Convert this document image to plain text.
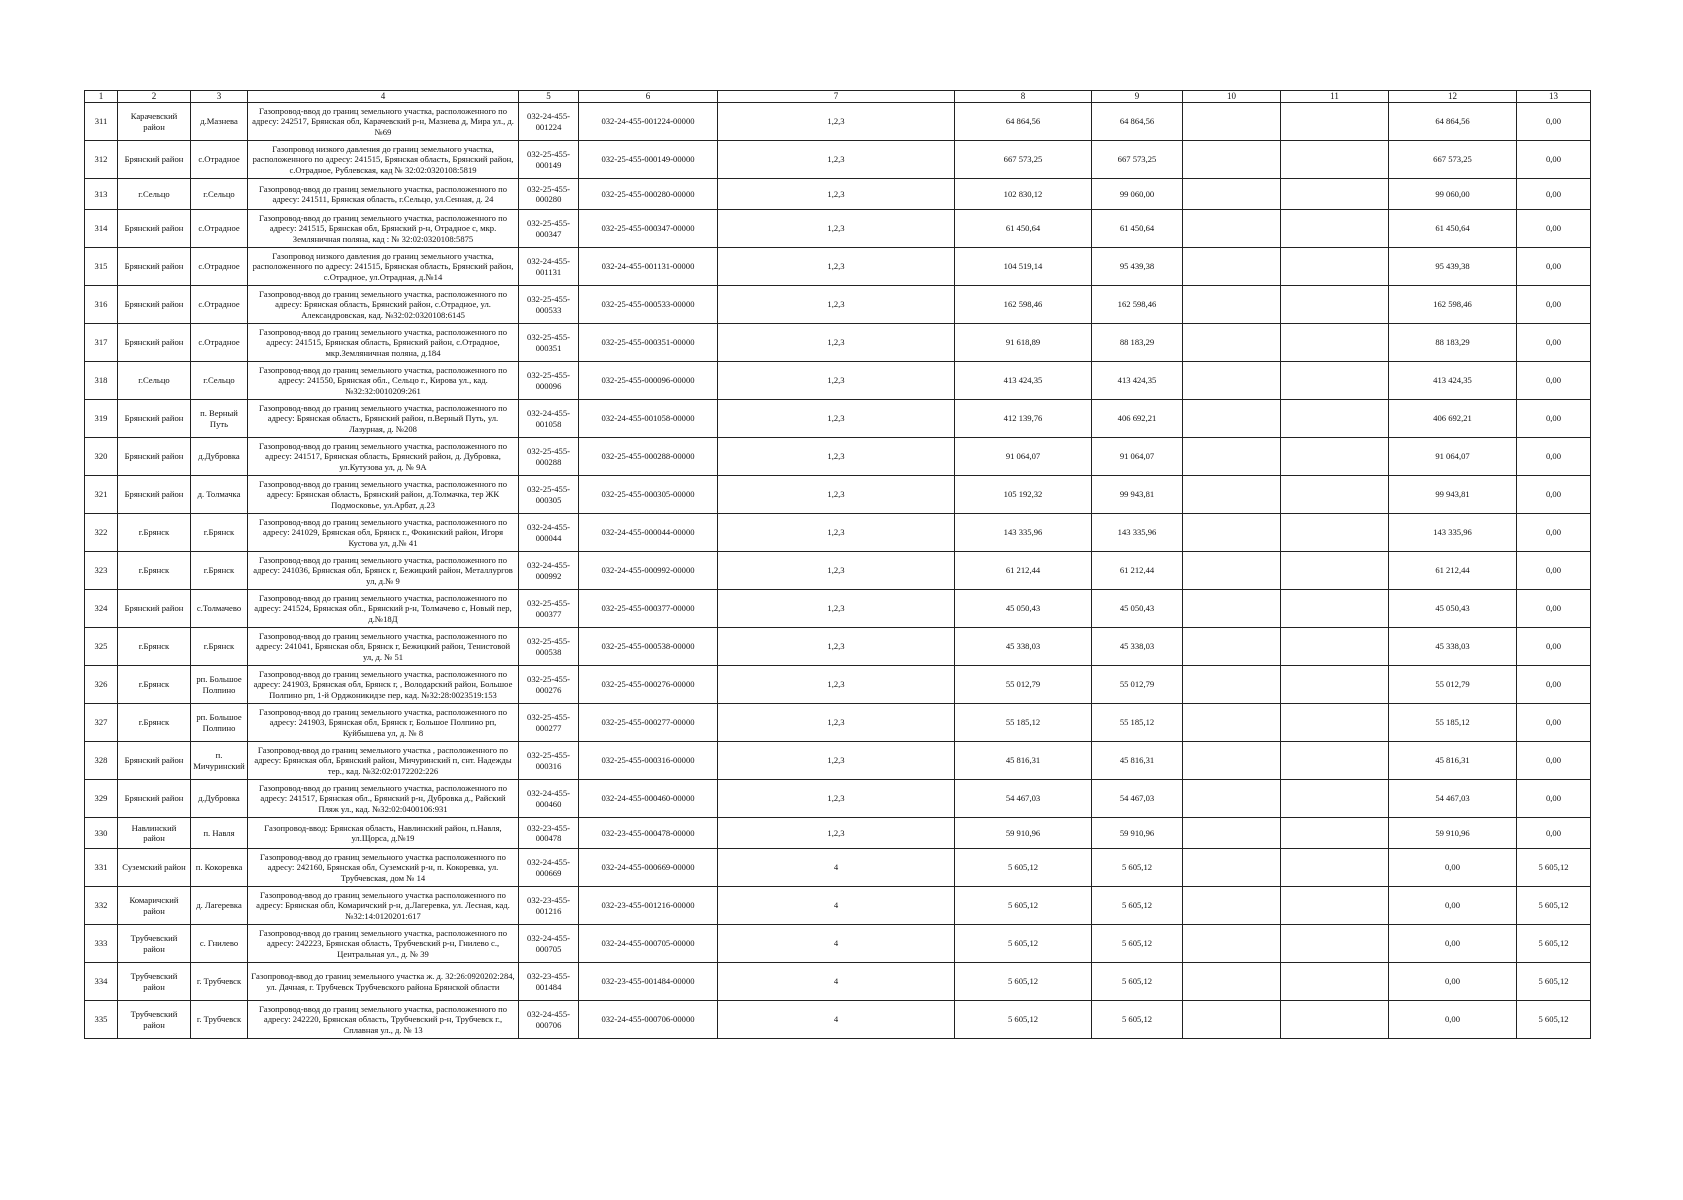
1	2	3	4	5	6	7	8	9	10	11	12	13
311	Карачевский район	д.Мазнева	Газопровод-ввод до границ земельного участка, расположенного по адресу: 242517, Брянская обл, Карачевский р-н, Мазнева д, Мира ул., д.№69	032-24-455-001224	032-24-455-001224-00000	1,2,3	64 864,56	64 864,56			64 864,56	0,00
312	Брянский район	с.Отрадное	Газопровод низкого давления до границ земельного участка, расположенного по адресу: 241515, Брянская область, Брянский район, с.Отрадное, Рублевская, кад № 32:02:0320108:5819	032-25-455-000149	032-25-455-000149-00000	1,2,3	667 573,25	667 573,25			667 573,25	0,00
313	г.Сельцо	г.Сельцо	Газопровод-ввод до границ земельного участка, расположенного по адресу: 241511, Брянская область, г.Сельцо, ул.Сенная, д. 24	032-25-455-000280	032-25-455-000280-00000	1,2,3	102 830,12	99 060,00			99 060,00	0,00
314	Брянский район	с.Отрадное	Газопровод-ввод до границ земельного участка, расположенного по адресу: 241515, Брянская обл, Брянский р-н, Отрадное с, мкр. Земляничная поляна, кад : № 32:02:0320108:5875	032-25-455-000347	032-25-455-000347-00000	1,2,3	61 450,64	61 450,64			61 450,64	0,00
315	Брянский район	с.Отрадное	Газопровод низкого давления до границ земельного участка, расположенного по адресу: 241515, Брянская область, Брянский район, с.Отрадное, ул.Отрадная, д.№14	032-24-455-001131	032-24-455-001131-00000	1,2,3	104 519,14	95 439,38			95 439,38	0,00
316	Брянский район	с.Отрадное	Газопровод-ввод до границ земельного участка, расположенного по адресу: Брянская область, Брянский район, с.Отрадное, ул. Александровская, кад. №32:02:0320108:6145	032-25-455-000533	032-25-455-000533-00000	1,2,3	162 598,46	162 598,46			162 598,46	0,00
317	Брянский район	с.Отрадное	Газопровод-ввод до границ земельного участка, расположенного по адресу: 241515, Брянская область, Брянский район, с.Отрадное, мкр.Земляничная поляна, д.184	032-25-455-000351	032-25-455-000351-00000	1,2,3	91 618,89	88 183,29			88 183,29	0,00
318	г.Сельцо	г.Сельцо	Газопровод-ввод до границ земельного участка, расположенного по адресу: 241550, Брянская обл., Сельцо г., Кирова ул., кад. №32:32:0010209:261	032-25-455-000096	032-25-455-000096-00000	1,2,3	413 424,35	413 424,35			413 424,35	0,00
319	Брянский район	п. Верный Путь	Газопровод-ввод до границ земельного участка, расположенного по адресу: Брянская область, Брянский район, п.Верный Путь, ул. Лазурная, д. №208	032-24-455-001058	032-24-455-001058-00000	1,2,3	412 139,76	406 692,21			406 692,21	0,00
320	Брянский район	д.Дубровка	Газопровод-ввод до границ земельного участка, расположенного по адресу: 241517, Брянская область, Брянский район, д. Дубровка, ул.Кутузова ул, д. № 9А	032-25-455-000288	032-25-455-000288-00000	1,2,3	91 064,07	91 064,07			91 064,07	0,00
321	Брянский район	д. Толмачка	Газопровод-ввод до границ земельного участка, расположенного по адресу: Брянская область, Брянский район, д.Толмачка, тер ЖК Подмосковье, ул.Арбат, д.23	032-25-455-000305	032-25-455-000305-00000	1,2,3	105 192,32	99 943,81			99 943,81	0,00
322	г.Брянск	г.Брянск	Газопровод-ввод до границ земельного участка, расположенного по адресу: 241029, Брянская обл, Брянск г., Фокинский район, Игоря Кустова ул, д.№ 41	032-24-455-000044	032-24-455-000044-00000	1,2,3	143 335,96	143 335,96			143 335,96	0,00
323	г.Брянск	г.Брянск	Газопровод-ввод до границ земельного участка, расположенного по адресу: 241036, Брянская обл, Брянск г, Бежицкий район, Металлургов ул, д.№ 9	032-24-455-000992	032-24-455-000992-00000	1,2,3	61 212,44	61 212,44			61 212,44	0,00
324	Брянский район	с.Толмачево	Газопровод-ввод до границ земельного участка, расположенного по адресу: 241524, Брянская обл., Брянский р-н, Толмачево с, Новый пер, д.№18Д	032-25-455-000377	032-25-455-000377-00000	1,2,3	45 050,43	45 050,43			45 050,43	0,00
325	г.Брянск	г.Брянск	Газопровод-ввод до границ земельного участка, расположенного по адресу: 241041, Брянская обл, Брянск г, Бежицкий район, Тенистовой ул, д. № 51	032-25-455-000538	032-25-455-000538-00000	1,2,3	45 338,03	45 338,03			45 338,03	0,00
326	г.Брянск	рп. Большое Полпино	Газопровод-ввод до границ земельного участка, расположенного по адресу: 241903, Брянская обл, Брянск г, , Володарский район, Большое Полпино рп, 1-й Орджоникидзе пер, кад. №32:28:0023519:153	032-25-455-000276	032-25-455-000276-00000	1,2,3	55 012,79	55 012,79			55 012,79	0,00
327	г.Брянск	рп. Большое Полпино	Газопровод-ввод до границ земельного участка, расположенного по адресу: 241903, Брянская обл, Брянск г, Большое Полпино рп, Куйбышева ул, д. № 8	032-25-455-000277	032-25-455-000277-00000	1,2,3	55 185,12	55 185,12			55 185,12	0,00
328	Брянский район	п. Мичуринский	Газопровод-ввод до границ земельного участка , расположенного по адресу: Брянская обл, Брянский район, Мичуринский п, снт. Надежды тер., кад. №32:02:0172202:226	032-25-455-000316	032-25-455-000316-00000	1,2,3	45 816,31	45 816,31			45 816,31	0,00
329	Брянский район	д.Дубровка	Газопровод-ввод до границ земельного участка, расположенного по адресу: 241517, Брянская обл., Брянский р-н, Дубровка д., Райский Пляж ул., кад. №32:02:0400106:931	032-24-455-000460	032-24-455-000460-00000	1,2,3	54 467,03	54 467,03			54 467,03	0,00
330	Навлинский район	п. Навля	Газопровод-ввод: Брянская область, Навлинский район, п.Навля, ул.Щорса, д.№19	032-23-455-000478	032-23-455-000478-00000	1,2,3	59 910,96	59 910,96			59 910,96	0,00
331	Суземский район	п. Кокоревка	Газопровод-ввод до границ земельного участка расположенного по адресу: 242160, Брянская обл, Суземский р-н, п. Кокоревка, ул. Трубчевская, дом № 14	032-24-455-000669	032-24-455-000669-00000	4	5 605,12	5 605,12			0,00	5 605,12
332	Комаричский район	д. Лагеревка	Газопровод-ввод до границ земельного участка расположенного по адресу: Брянская обл, Комаричский р-н, д.Лагеревка, ул. Лесная, кад.№32:14:0120201:617	032-23-455-001216	032-23-455-001216-00000	4	5 605,12	5 605,12			0,00	5 605,12
333	Трубчевский район	с. Гнилево	Газопровод-ввод до границ земельного участка, расположенного по адресу: 242223, Брянская область, Трубчевский р-н, Гнилево с., Центральная ул., д. № 39	032-24-455-000705	032-24-455-000705-00000	4	5 605,12	5 605,12			0,00	5 605,12
334	Трубчевский район	г. Трубчевск	Газопровод-ввод до границ земельного участка ж. д. 32:26:0920202:284, ул. Дачная, г. Трубчевск Трубчевского района Брянской области	032-23-455-001484	032-23-455-001484-00000	4	5 605,12	5 605,12			0,00	5 605,12
335	Трубчевский район	г. Трубчевск	Газопровод-ввод до границ земельного участка, расположенного по адресу: 242220, Брянская область, Трубчевский р-н, Трубчевск г., Сплавная ул., д. № 13	032-24-455-000706	032-24-455-000706-00000	4	5 605,12	5 605,12			0,00	5 605,12
